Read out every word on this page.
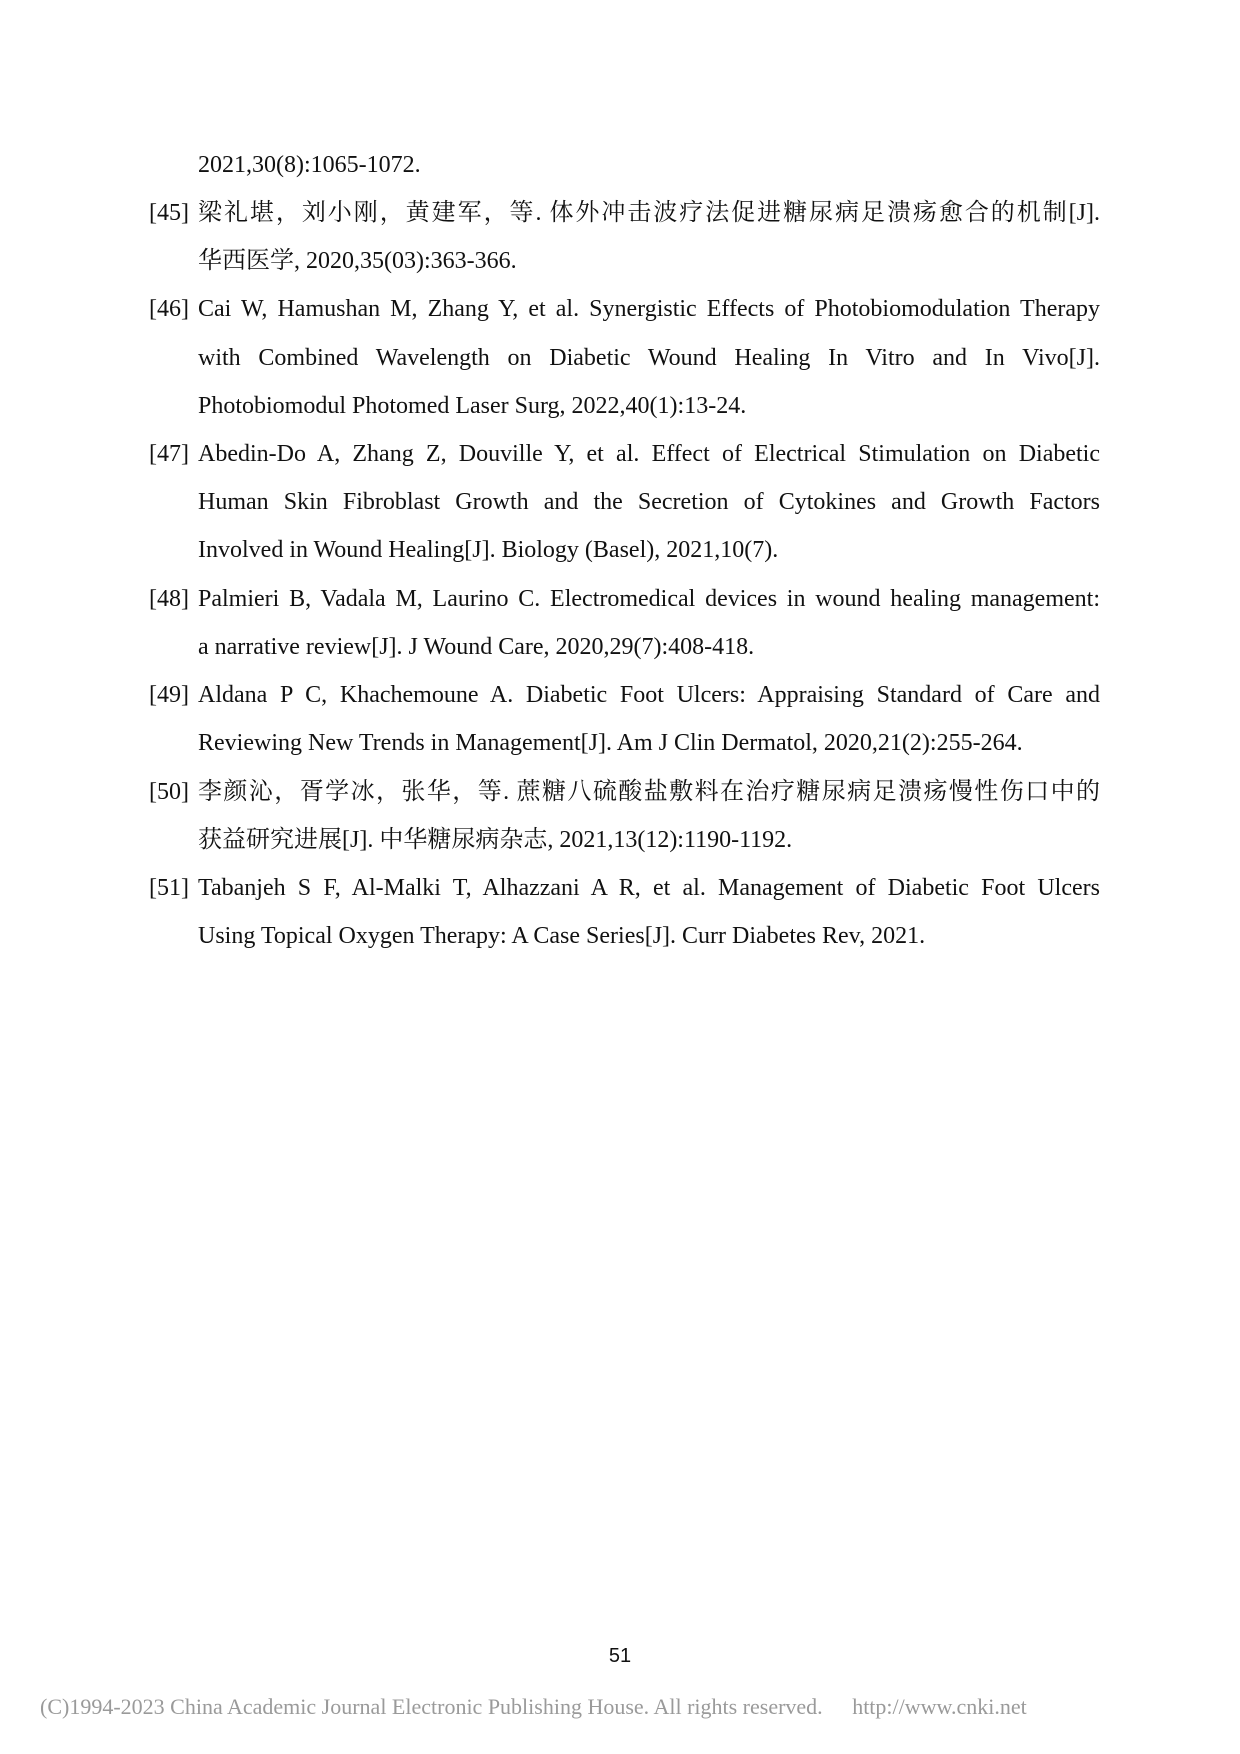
2021,30(8):1065-1072.
[45] 梁礼堪，刘小刚，黄建军，等. 体外冲击波疗法促进糖尿病足溃疡愈合的机制[J].
华西医学, 2020,35(03):363-366.
[46] Cai W, Hamushan M, Zhang Y, et al. Synergistic Effects of Photobiomodulation Therapy
with Combined Wavelength on Diabetic Wound Healing In Vitro and In Vivo[J].
Photobiomodul Photomed Laser Surg, 2022,40(1):13-24.
[47] Abedin-Do A, Zhang Z, Douville Y, et al. Effect of Electrical Stimulation on Diabetic
Human Skin Fibroblast Growth and the Secretion of Cytokines and Growth Factors
Involved in Wound Healing[J]. Biology (Basel), 2021,10(7).
[48] Palmieri B, Vadala M, Laurino C. Electromedical devices in wound healing management:
a narrative review[J]. J Wound Care, 2020,29(7):408-418.
[49] Aldana P C, Khachemoune A. Diabetic Foot Ulcers: Appraising Standard of Care and
Reviewing New Trends in Management[J]. Am J Clin Dermatol, 2020,21(2):255-264.
[50] 李颜沁，胥学冰，张华，等. 蔗糖八硫酸盐敷料在治疗糖尿病足溃疡慢性伤口中的
获益研究进展[J]. 中华糖尿病杂志, 2021,13(12):1190-1192.
[51] Tabanjeh S F, Al-Malki T, Alhazzani A R, et al. Management of Diabetic Foot Ulcers
Using Topical Oxygen Therapy: A Case Series[J]. Curr Diabetes Rev, 2021.
51
(C)1994-2023 China Academic Journal Electronic Publishing House. All rights reserved. http://www.cnki.net
